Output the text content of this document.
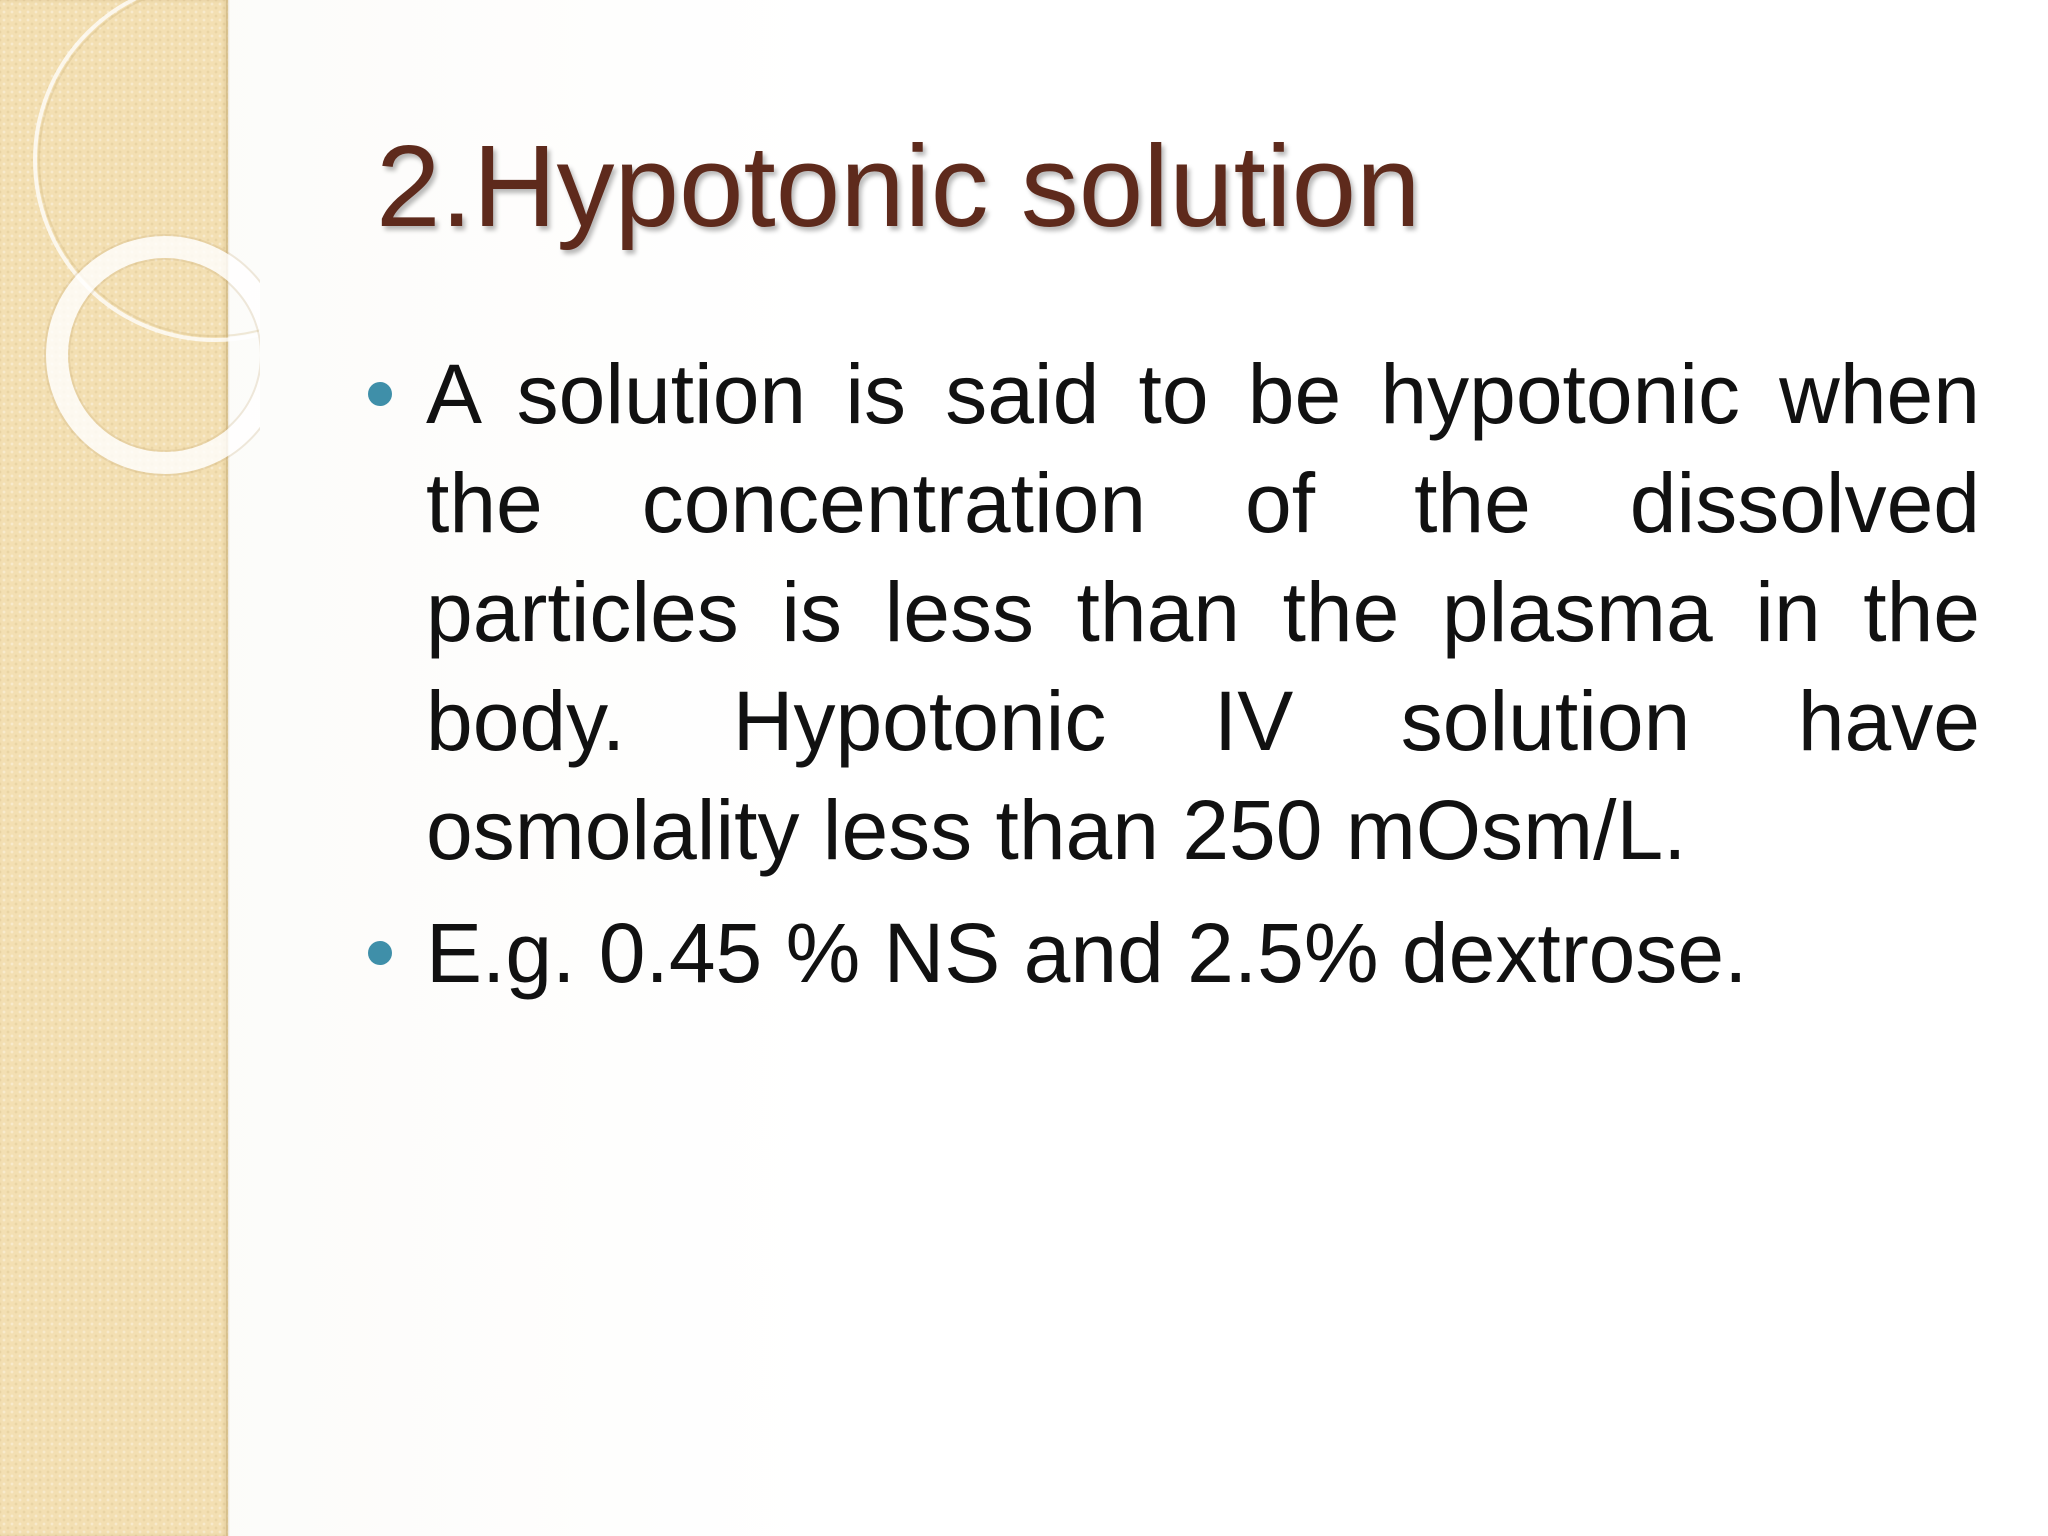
2.Hypotonic solution
A solution is said to be hypotonic when the concentration of the dissolved particles is less than the plasma in the body. Hypotonic IV solution have osmolality less than 250 mOsm/L.
E.g. 0.45 % NS and 2.5% dextrose.
